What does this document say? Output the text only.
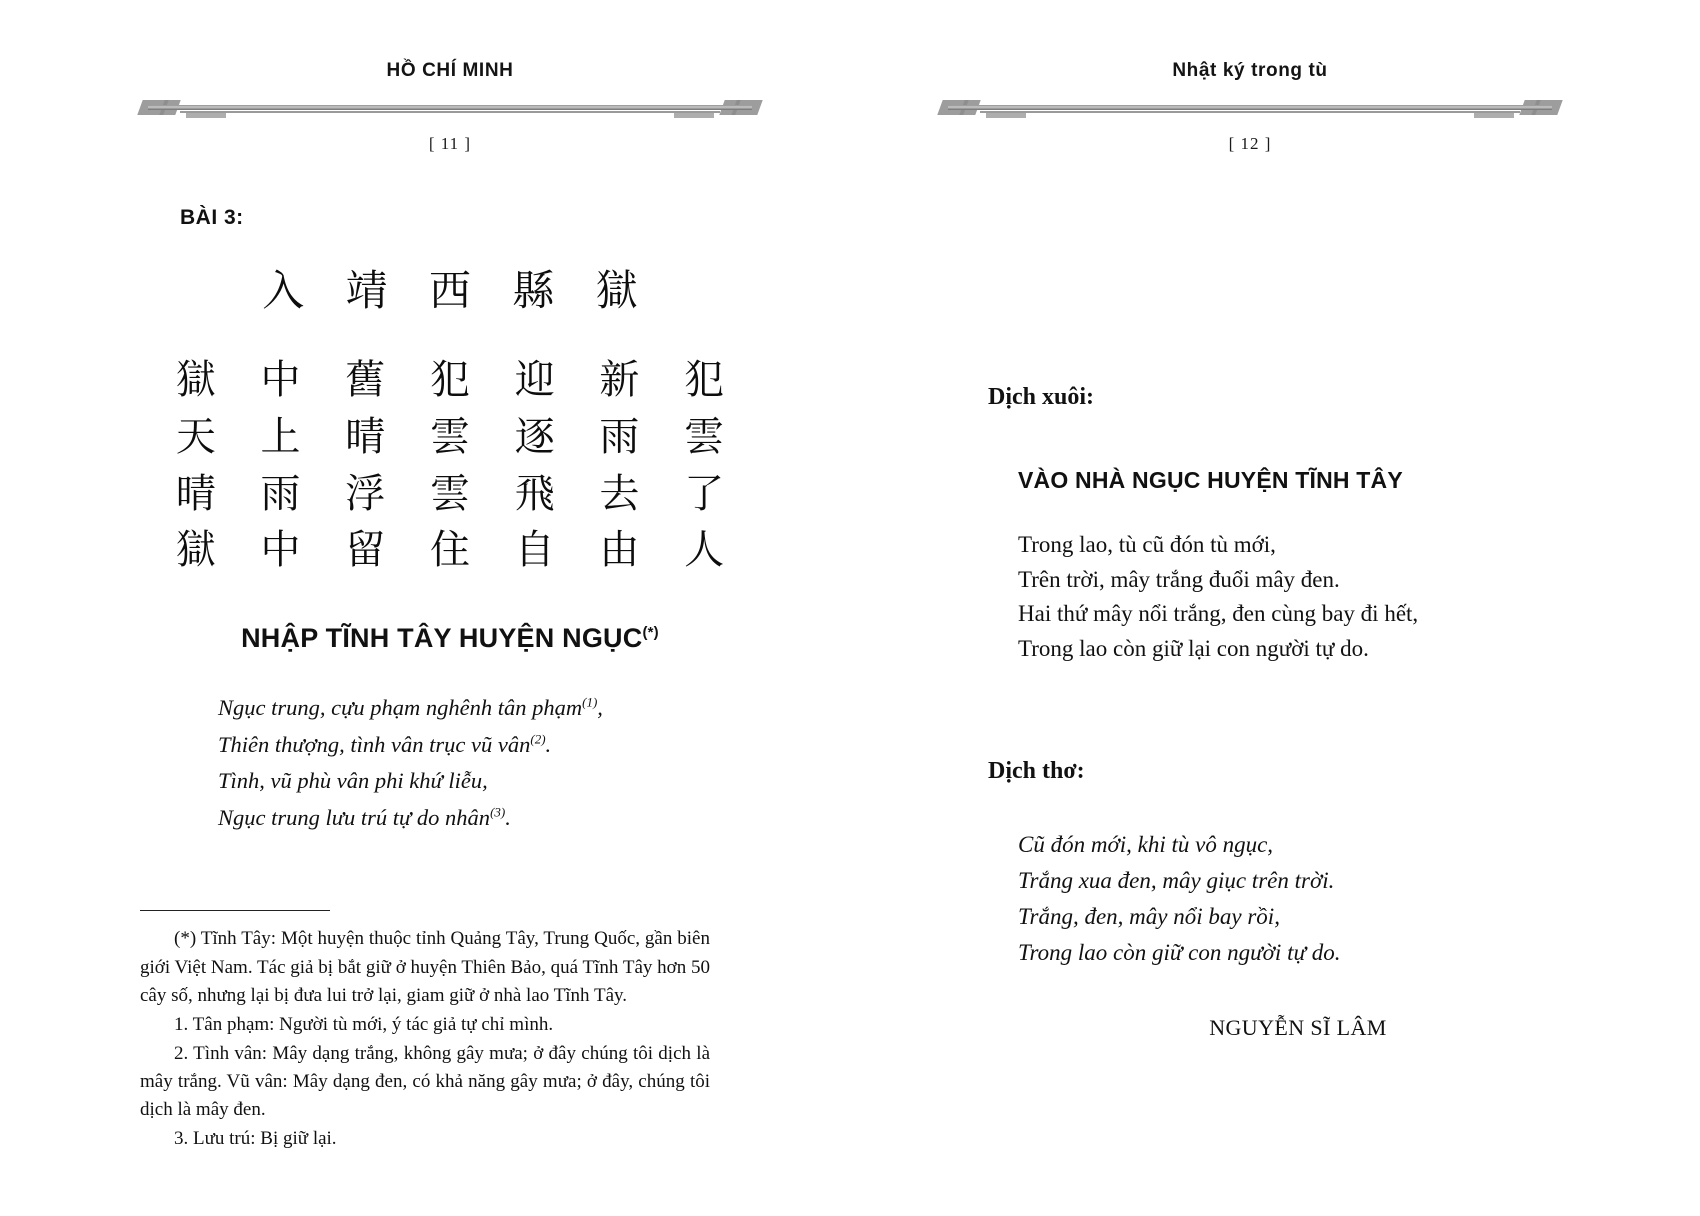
HỒ CHÍ MINH
[ 11 ]
BÀI 3:
入 靖 西 縣 獄
獄 中 舊 犯 迎 新 犯
天 上 晴 雲 逐 雨 雲
晴 雨 浮 雲 飛 去 了
獄 中 留 住 自 由 人
NHẬP TĨNH TÂY HUYỆN NGỤC(*)
Ngục trung, cựu phạm nghênh tân phạm$^{(1)}$,
Thiên thượng, tình vân trục vũ vân$^{(2)}$.
Tình, vũ phù vân phi khứ liễu,
Ngục trung lưu trú tự do nhân$^{(3)}$.

(*) Tĩnh Tây: Một huyện thuộc tỉnh Quảng Tây, Trung Quốc, gần biên giới Việt Nam. Tác giả bị bắt giữ ở huyện Thiên Bảo, quá Tĩnh Tây hơn 50 cây số, nhưng lại bị đưa lui trở lại, giam giữ ở nhà lao Tĩnh Tây.

1. Tân phạm: Người tù mới, ý tác giả tự chỉ mình.

2. Tình vân: Mây dạng trắng, không gây mưa; ở đây chúng tôi dịch là mây trắng. Vũ vân: Mây dạng đen, có khả năng gây mưa; ở đây, chúng tôi dịch là mây đen.

3. Lưu trú: Bị giữ lại.

Nhật ký trong tù
[ 12 ]
Dịch xuôi:
VÀO NHÀ NGỤC HUYỆN TĨNH TÂY
Trong lao, tù cũ đón tù mới,
Trên trời, mây trắng đuổi mây đen.
Hai thứ mây nổi trắng, đen cùng bay đi hết,
Trong lao còn giữ lại con người tự do.
Dịch thơ:
Cũ đón mới, khi tù vô ngục,
Trắng xua đen, mây giục trên trời.
Trắng, đen, mây nổi bay rồi,
Trong lao còn giữ con người tự do.
NGUYỄN SĨ LÂM
